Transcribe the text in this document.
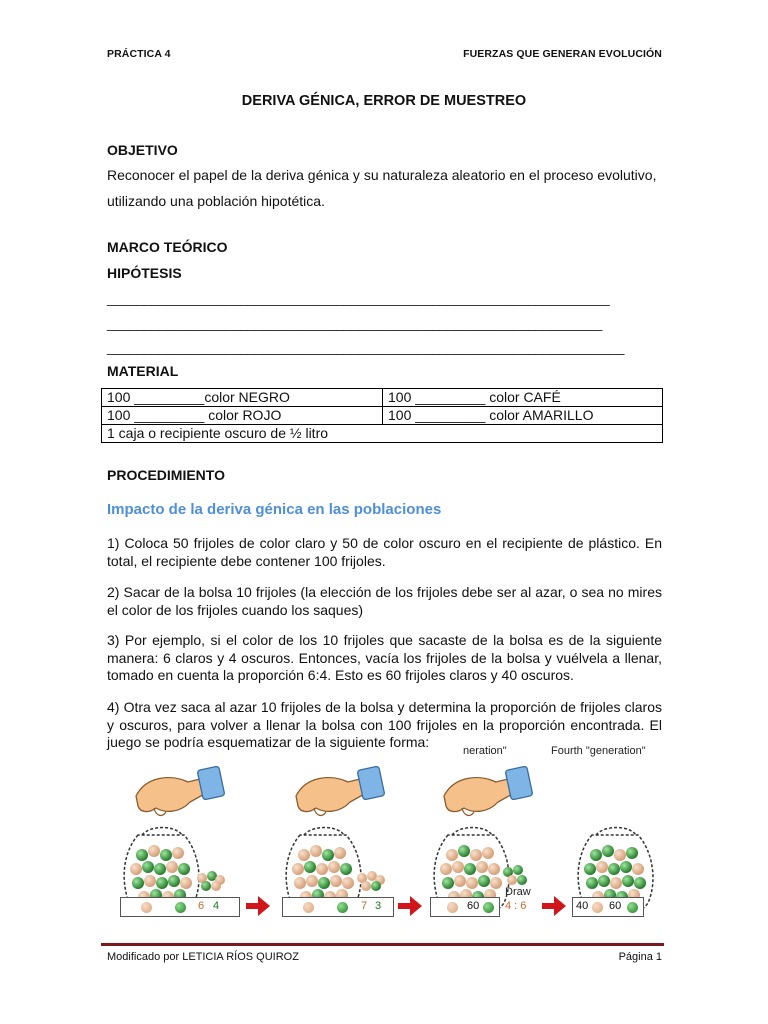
PRÁCTICA 4	FUERZAS QUE GENERAN EVOLUCIÓN
DERIVA GÉNICA, ERROR DE MUESTREO
OBJETIVO
Reconocer el papel de la deriva génica y su naturaleza aleatorio en el proceso evolutivo,
utilizando una población hipotética.
MARCO TEÓRICO
HIPÓTESIS
____________________________________________________________________
___________________________________________________________________
______________________________________________________________________
MATERIAL
100 _________color NEGRO	100 _________ color CAFÉ
100 _________ color ROJO	100 _________ color AMARILLO
1 caja o recipiente oscuro de ½ litro	
PROCEDIMIENTO
Impacto de la deriva génica en las poblaciones
1) Coloca 50 frijoles de color claro y 50 de color oscuro en el recipiente de plástico. En total, el recipiente debe contener 100 frijoles.
2) Sacar de la bolsa 10 frijoles (la elección de los frijoles debe ser al azar, o sea no mires el color de los frijoles cuando los saques)
3) Por ejemplo, si el color de los 10 frijoles que sacaste de la bolsa es de la siguiente manera: 6 claros y 4 oscuros. Entonces, vacía los frijoles de la bolsa y vuélvela a llenar, tomado en cuenta la proporción 6:4. Esto es 60 frijoles claros y 40 oscuros.
4) Otra vez saca al azar 10 frijoles de la bolsa y determina la proporción de frijoles claros y oscuros, para volver a llenar la bolsa con 100 frijoles en la proporción encontrada. El juego se podría esquematizar de la siguiente forma:
neration"	Fourth "generation"
Draw
6 4	7 3	60 4 : 6	40 60
Modificado por LETICIA RÍOS QUIROZ	Página 1
